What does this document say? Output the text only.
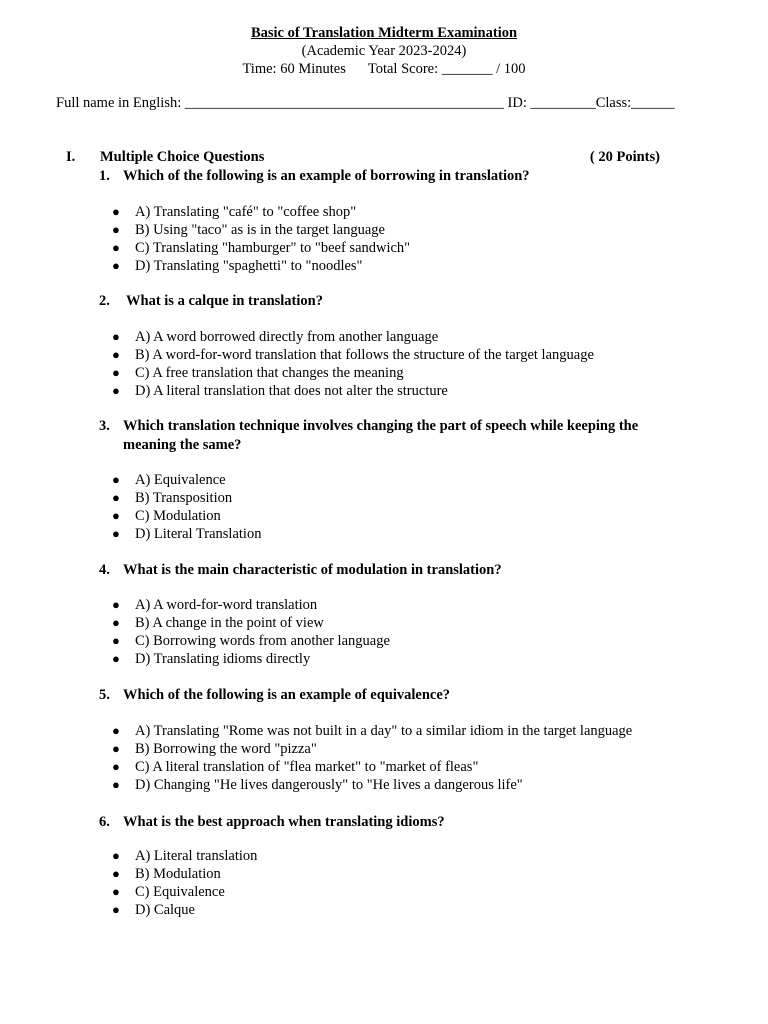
Basic of Translation Midterm Examination
(Academic Year 2023-2024)
Time: 60 Minutes Total Score: _______ / 100
Full name in English: ____________________________________________ ID: _________Class:______
I. Multiple Choice Questions	( 20 Points)
1. Which of the following is an example of borrowing in translation?
● A) Translating "café" to "coffee shop"
● B) Using "taco" as is in the target language
● C) Translating "hamburger" to "beef sandwich"
● D) Translating "spaghetti" to "noodles"
2.	What is a calque in translation?
● A) A word borrowed directly from another language
● B) A word-for-word translation that follows the structure of the target language
● C) A free translation that changes the meaning
● D) A literal translation that does not alter the structure
3. Which translation technique involves changing the part of speech while keeping the meaning the same?
● A) Equivalence
● B) Transposition
● C) Modulation
● D) Literal Translation
4. What is the main characteristic of modulation in translation?
● A) A word-for-word translation
● B) A change in the point of view
● C) Borrowing words from another language
● D) Translating idioms directly
5. Which of the following is an example of equivalence?
● A) Translating "Rome was not built in a day" to a similar idiom in the target language
● B) Borrowing the word "pizza"
● C) A literal translation of "flea market" to "market of fleas"
● D) Changing "He lives dangerously" to "He lives a dangerous life"
6. What is the best approach when translating idioms?
● A) Literal translation
● B) Modulation
● C) Equivalence
● D) Calque
